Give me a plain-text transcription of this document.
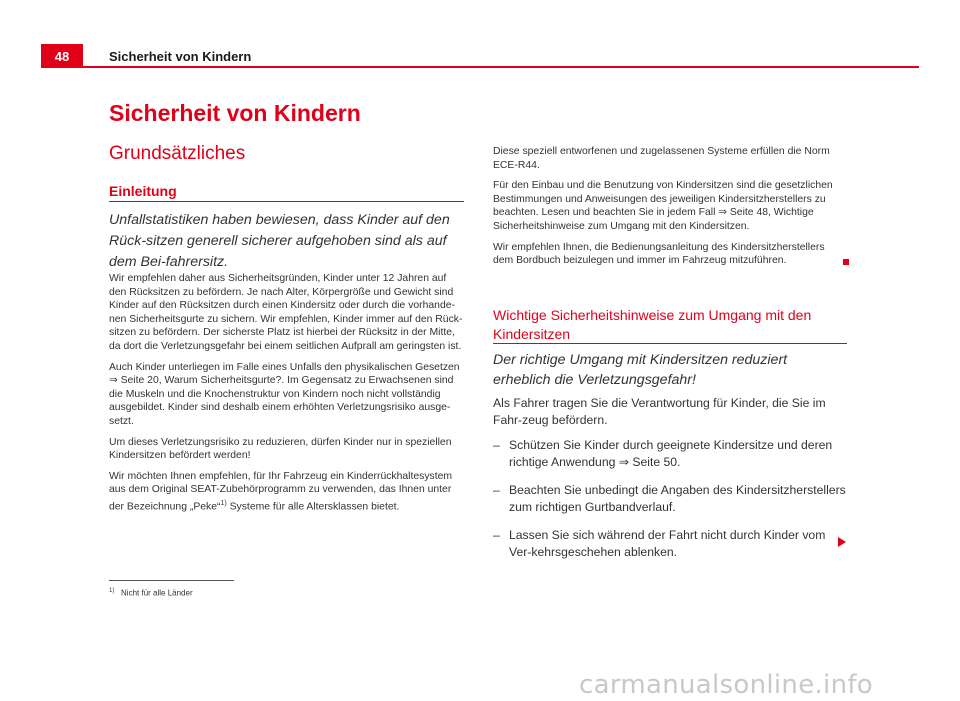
48	Sicherheit von Kindern
Sicherheit von Kindern
Grundsätzliches
Einleitung

Unfallstatistiken haben bewiesen, dass Kinder auf den Rück-sitzen generell sicherer aufgehoben sind als auf dem Bei-fahrersitz.

Wir empfehlen daher aus Sicherheitsgründen, Kinder unter 12 Jahren auf den Rücksitzen zu befördern. Je nach Alter, Körpergröße und Gewicht sind Kinder auf den Rücksitzen durch einen Kindersitz oder durch die vorhande-nen Sicherheitsgurte zu sichern. Wir empfehlen, Kinder immer auf den Rück-sitzen zu befördern. Der sicherste Platz ist hierbei der Rücksitz in der Mitte, da dort die Verletzungsgefahr bei einem seitlichen Aufprall am geringsten ist.

Auch Kinder unterliegen im Falle eines Unfalls den physikalischen Gesetzen ⇒ Seite 20, Warum Sicherheitsgurte?. Im Gegensatz zu Erwachsenen sind die Muskeln und die Knochenstruktur von Kindern noch nicht vollständig ausgebildet. Kinder sind deshalb einem erhöhten Verletzungsrisiko ausge-setzt.

Um dieses Verletzungsrisiko zu reduzieren, dürfen Kinder nur in speziellen Kindersitzen befördert werden!

Wir möchten Ihnen empfehlen, für Ihr Fahrzeug ein Kinderrückhaltesystem aus dem Original SEAT-Zubehörprogramm zu verwenden, das Ihnen unter der Bezeichnung „Peke“$^{1)}$ Systeme für alle Altersklassen bietet.

Diese speziell entworfenen und zugelassenen Systeme erfüllen die Norm ECE-R44.

Für den Einbau und die Benutzung von Kindersitzen sind die gesetzlichen Bestimmungen und Anweisungen des jeweiligen Kindersitzherstellers zu beachten. Lesen und beachten Sie in jedem Fall ⇒ Seite 48, Wichtige Sicherheitshinweise zum Umgang mit den Kindersitzen.

Wir empfehlen Ihnen, die Bedienungsanleitung des Kindersitzherstellers dem Bordbuch beizulegen und immer im Fahrzeug mitzuführen.

Wichtige Sicherheitshinweise zum Umgang mit den Kindersitzen

Der richtige Umgang mit Kindersitzen reduziert erheblich die Verletzungsgefahr!

Als Fahrer tragen Sie die Verantwortung für Kinder, die Sie im Fahr-zeug befördern.

– Schützen Sie Kinder durch geeignete Kindersitze und deren richtige Anwendung ⇒ Seite 50.
– Beachten Sie unbedingt die Angaben des Kindersitzherstellers zum richtigen Gurtbandverlauf.
– Lassen Sie sich während der Fahrt nicht durch Kinder vom Ver-kehrsgeschehen ablenken.
$^{1)}$ Nicht für alle Länder
carmanualsonline.info
